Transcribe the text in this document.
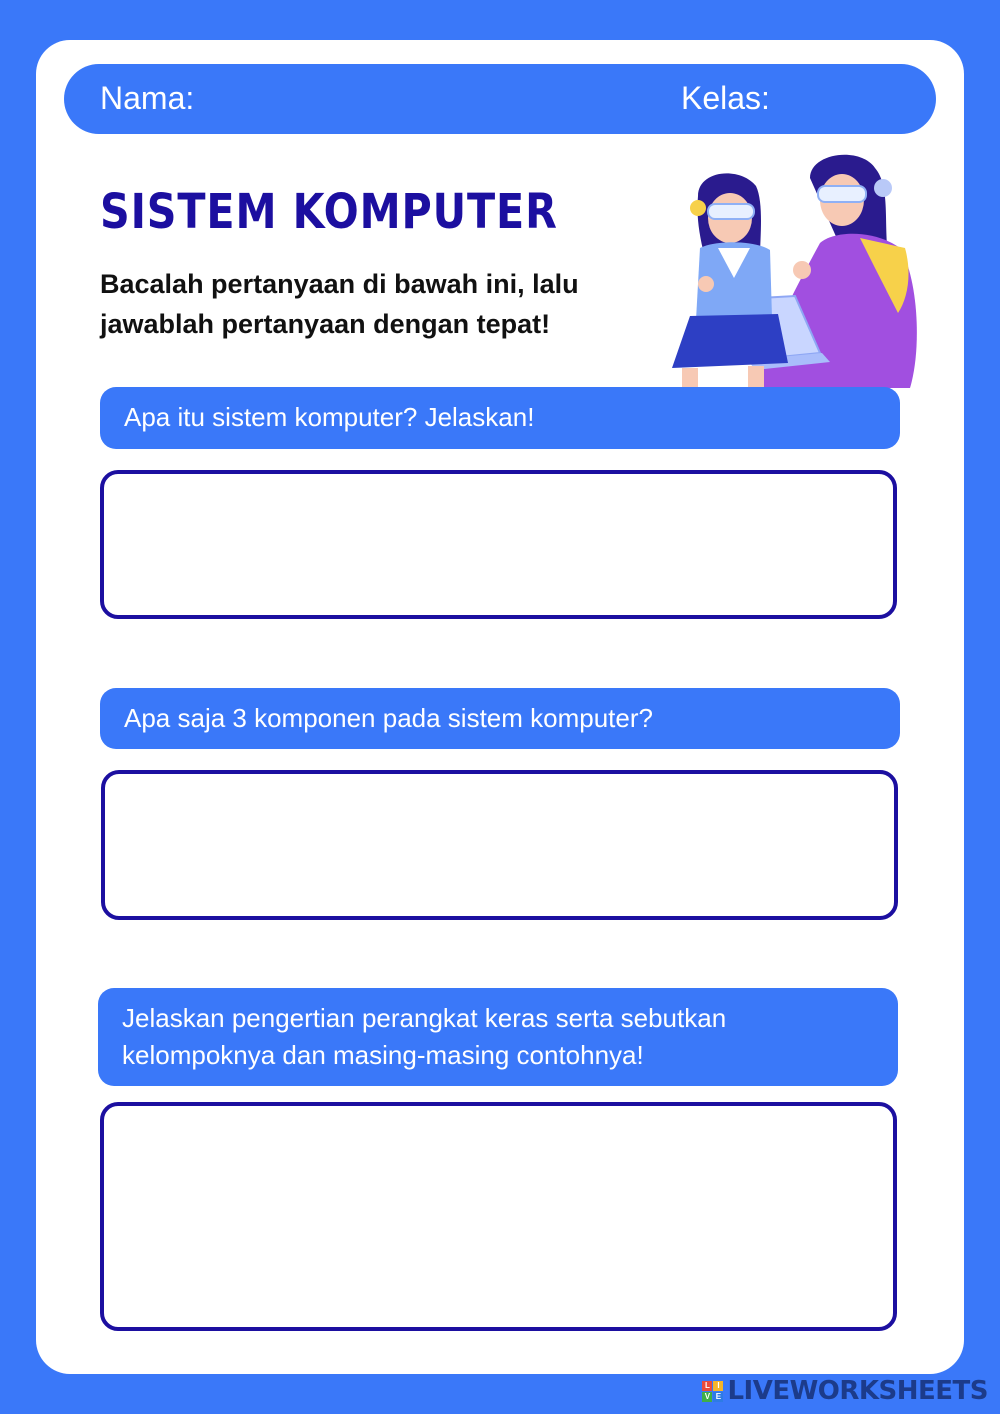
Nama:	Kelas:
SISTEM KOMPUTER
Bacalah pertanyaan di bawah ini, lalu jawablah pertanyaan dengan tepat!
Apa itu sistem komputer? Jelaskan!
Apa saja 3 komponen pada sistem komputer?
Jelaskan pengertian perangkat keras serta sebutkan kelompoknya dan masing-masing contohnya!
L I
V E LIVEWORKSHEETS
